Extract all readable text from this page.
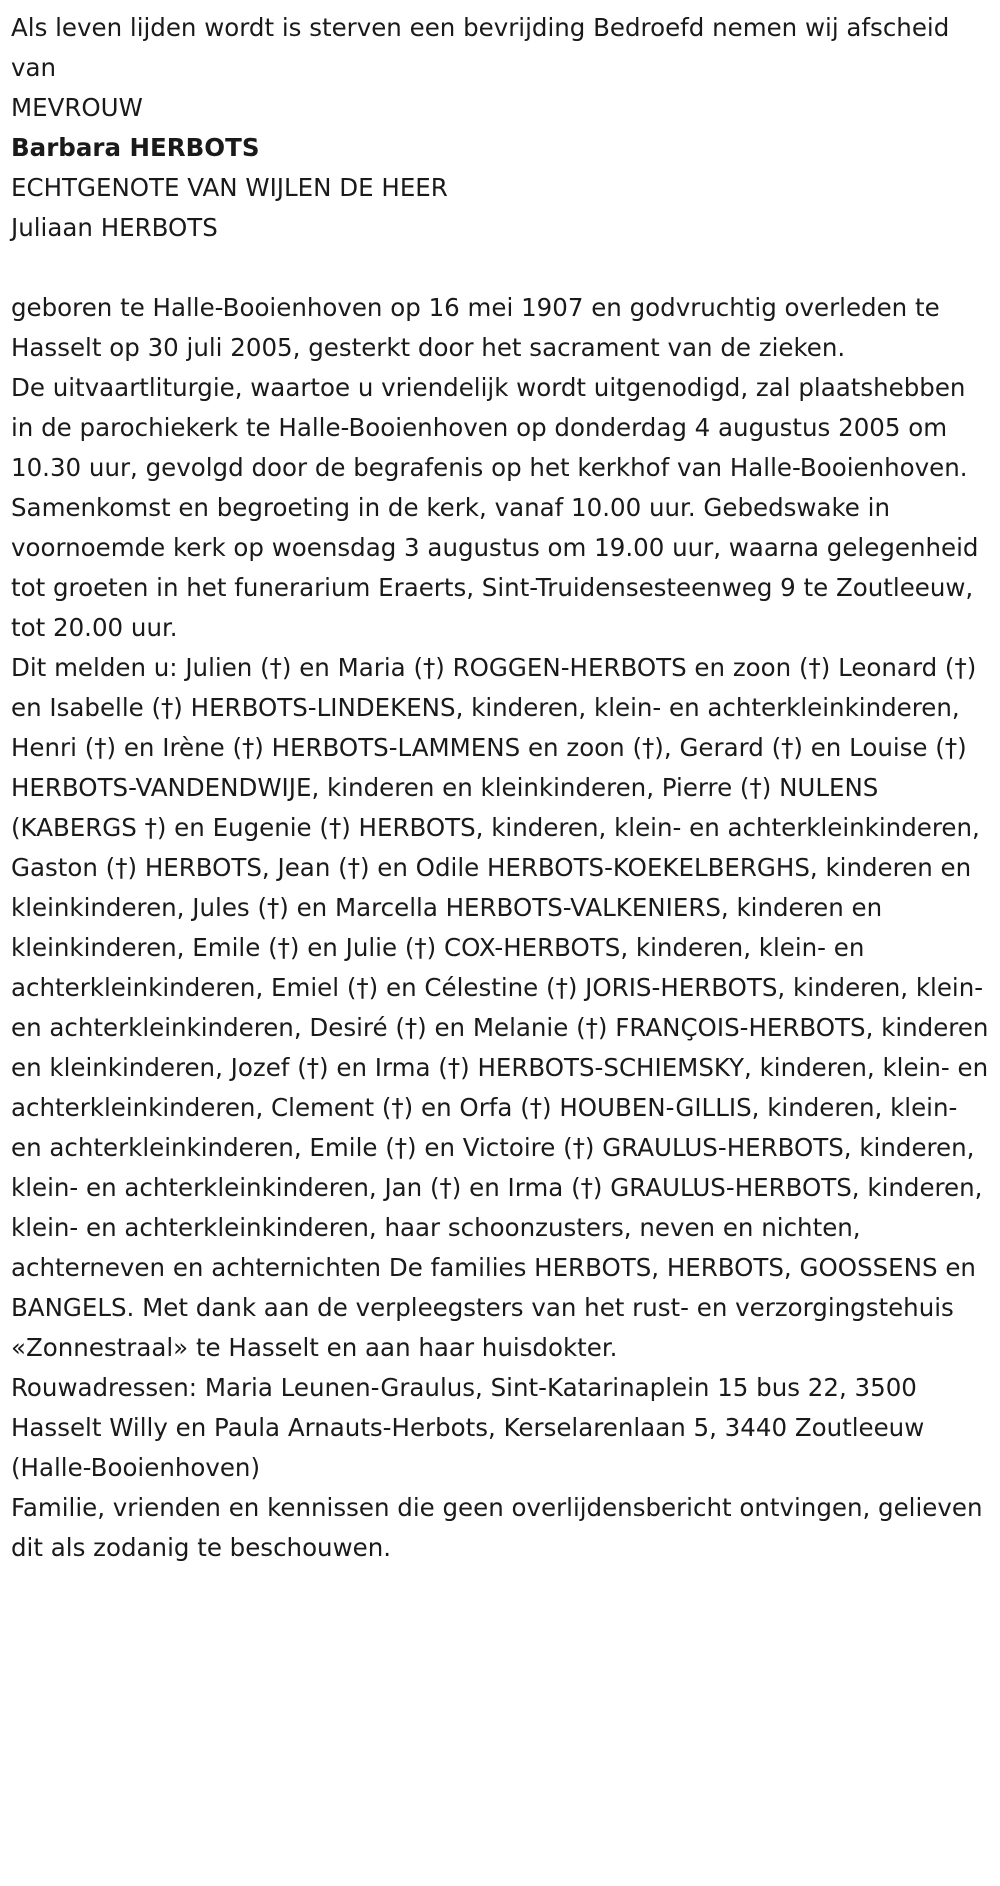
Als leven lijden wordt is sterven een bevrijding Bedroefd nemen wij afscheid van

MEVROUW
Barbara HERBOTS
ECHTGENOTE VAN WIJLEN DE HEER
Juliaan HERBOTS

geboren te Halle-Booienhoven op 16 mei 1907 en godvruchtig overleden te Hasselt op 30 juli 2005, gesterkt door het sacrament van de zieken.

De uitvaartliturgie, waartoe u vriendelijk wordt uitgenodigd, zal plaatshebben in de parochiekerk te Halle-Booienhoven op donderdag 4 augustus 2005 om 10.30 uur, gevolgd door de begrafenis op het kerkhof van Halle-Booienhoven. Samenkomst en begroeting in de kerk, vanaf 10.00 uur. Gebedswake in voornoemde kerk op woensdag 3 augustus om 19.00 uur, waarna gelegenheid tot groeten in het funerarium Eraerts, Sint-Truidensesteenweg 9 te Zoutleeuw, tot 20.00 uur.

Dit melden u: Julien (†) en Maria (†) ROGGEN-HERBOTS en zoon (†) Leonard (†) en Isabelle (†) HERBOTS-LINDEKENS, kinderen, klein- en achterkleinkinderen, Henri (†) en Irène (†) HERBOTS-LAMMENS en zoon (†), Gerard (†) en Louise (†) HERBOTS-VANDENDWIJE, kinderen en kleinkinderen, Pierre (†) NULENS (KABERGS †) en Eugenie (†) HERBOTS, kinderen, klein- en achterkleinkinderen, Gaston (†) HERBOTS, Jean (†) en Odile HERBOTS-KOEKELBERGHS, kinderen en kleinkinderen, Jules (†) en Marcella HERBOTS-VALKENIERS, kinderen en kleinkinderen, Emile (†) en Julie (†) COX-HERBOTS, kinderen, klein- en achterkleinkinderen, Emiel (†) en Célestine (†) JORIS-HERBOTS, kinderen, klein- en achterkleinkinderen, Desiré (†) en Melanie (†) FRANÇOIS-HERBOTS, kinderen en kleinkinderen, Jozef (†) en Irma (†) HERBOTS-SCHIEMSKY, kinderen, klein- en achterkleinkinderen, Clement (†) en Orfa (†) HOUBEN-GILLIS, kinderen, klein- en achterkleinkinderen, Emile (†) en Victoire (†) GRAULUS-HERBOTS, kinderen, klein- en achterkleinkinderen, Jan (†) en Irma (†) GRAULUS-HERBOTS, kinderen, klein- en achterkleinkinderen, haar schoonzusters, neven en nichten, achterneven en achternichten De families HERBOTS, HERBOTS, GOOSSENS en BANGELS. Met dank aan de verpleegsters van het rust- en verzorgingstehuis «Zonnestraal» te Hasselt en aan haar huisdokter.

Rouwadressen: Maria Leunen-Graulus, Sint-Katarinaplein 15 bus 22, 3500 Hasselt Willy en Paula Arnauts-Herbots, Kerselarenlaan 5, 3440 Zoutleeuw (Halle-Booienhoven)

Familie, vrienden en kennissen die geen overlijdensbericht ontvingen, gelieven dit als zodanig te beschouwen.
